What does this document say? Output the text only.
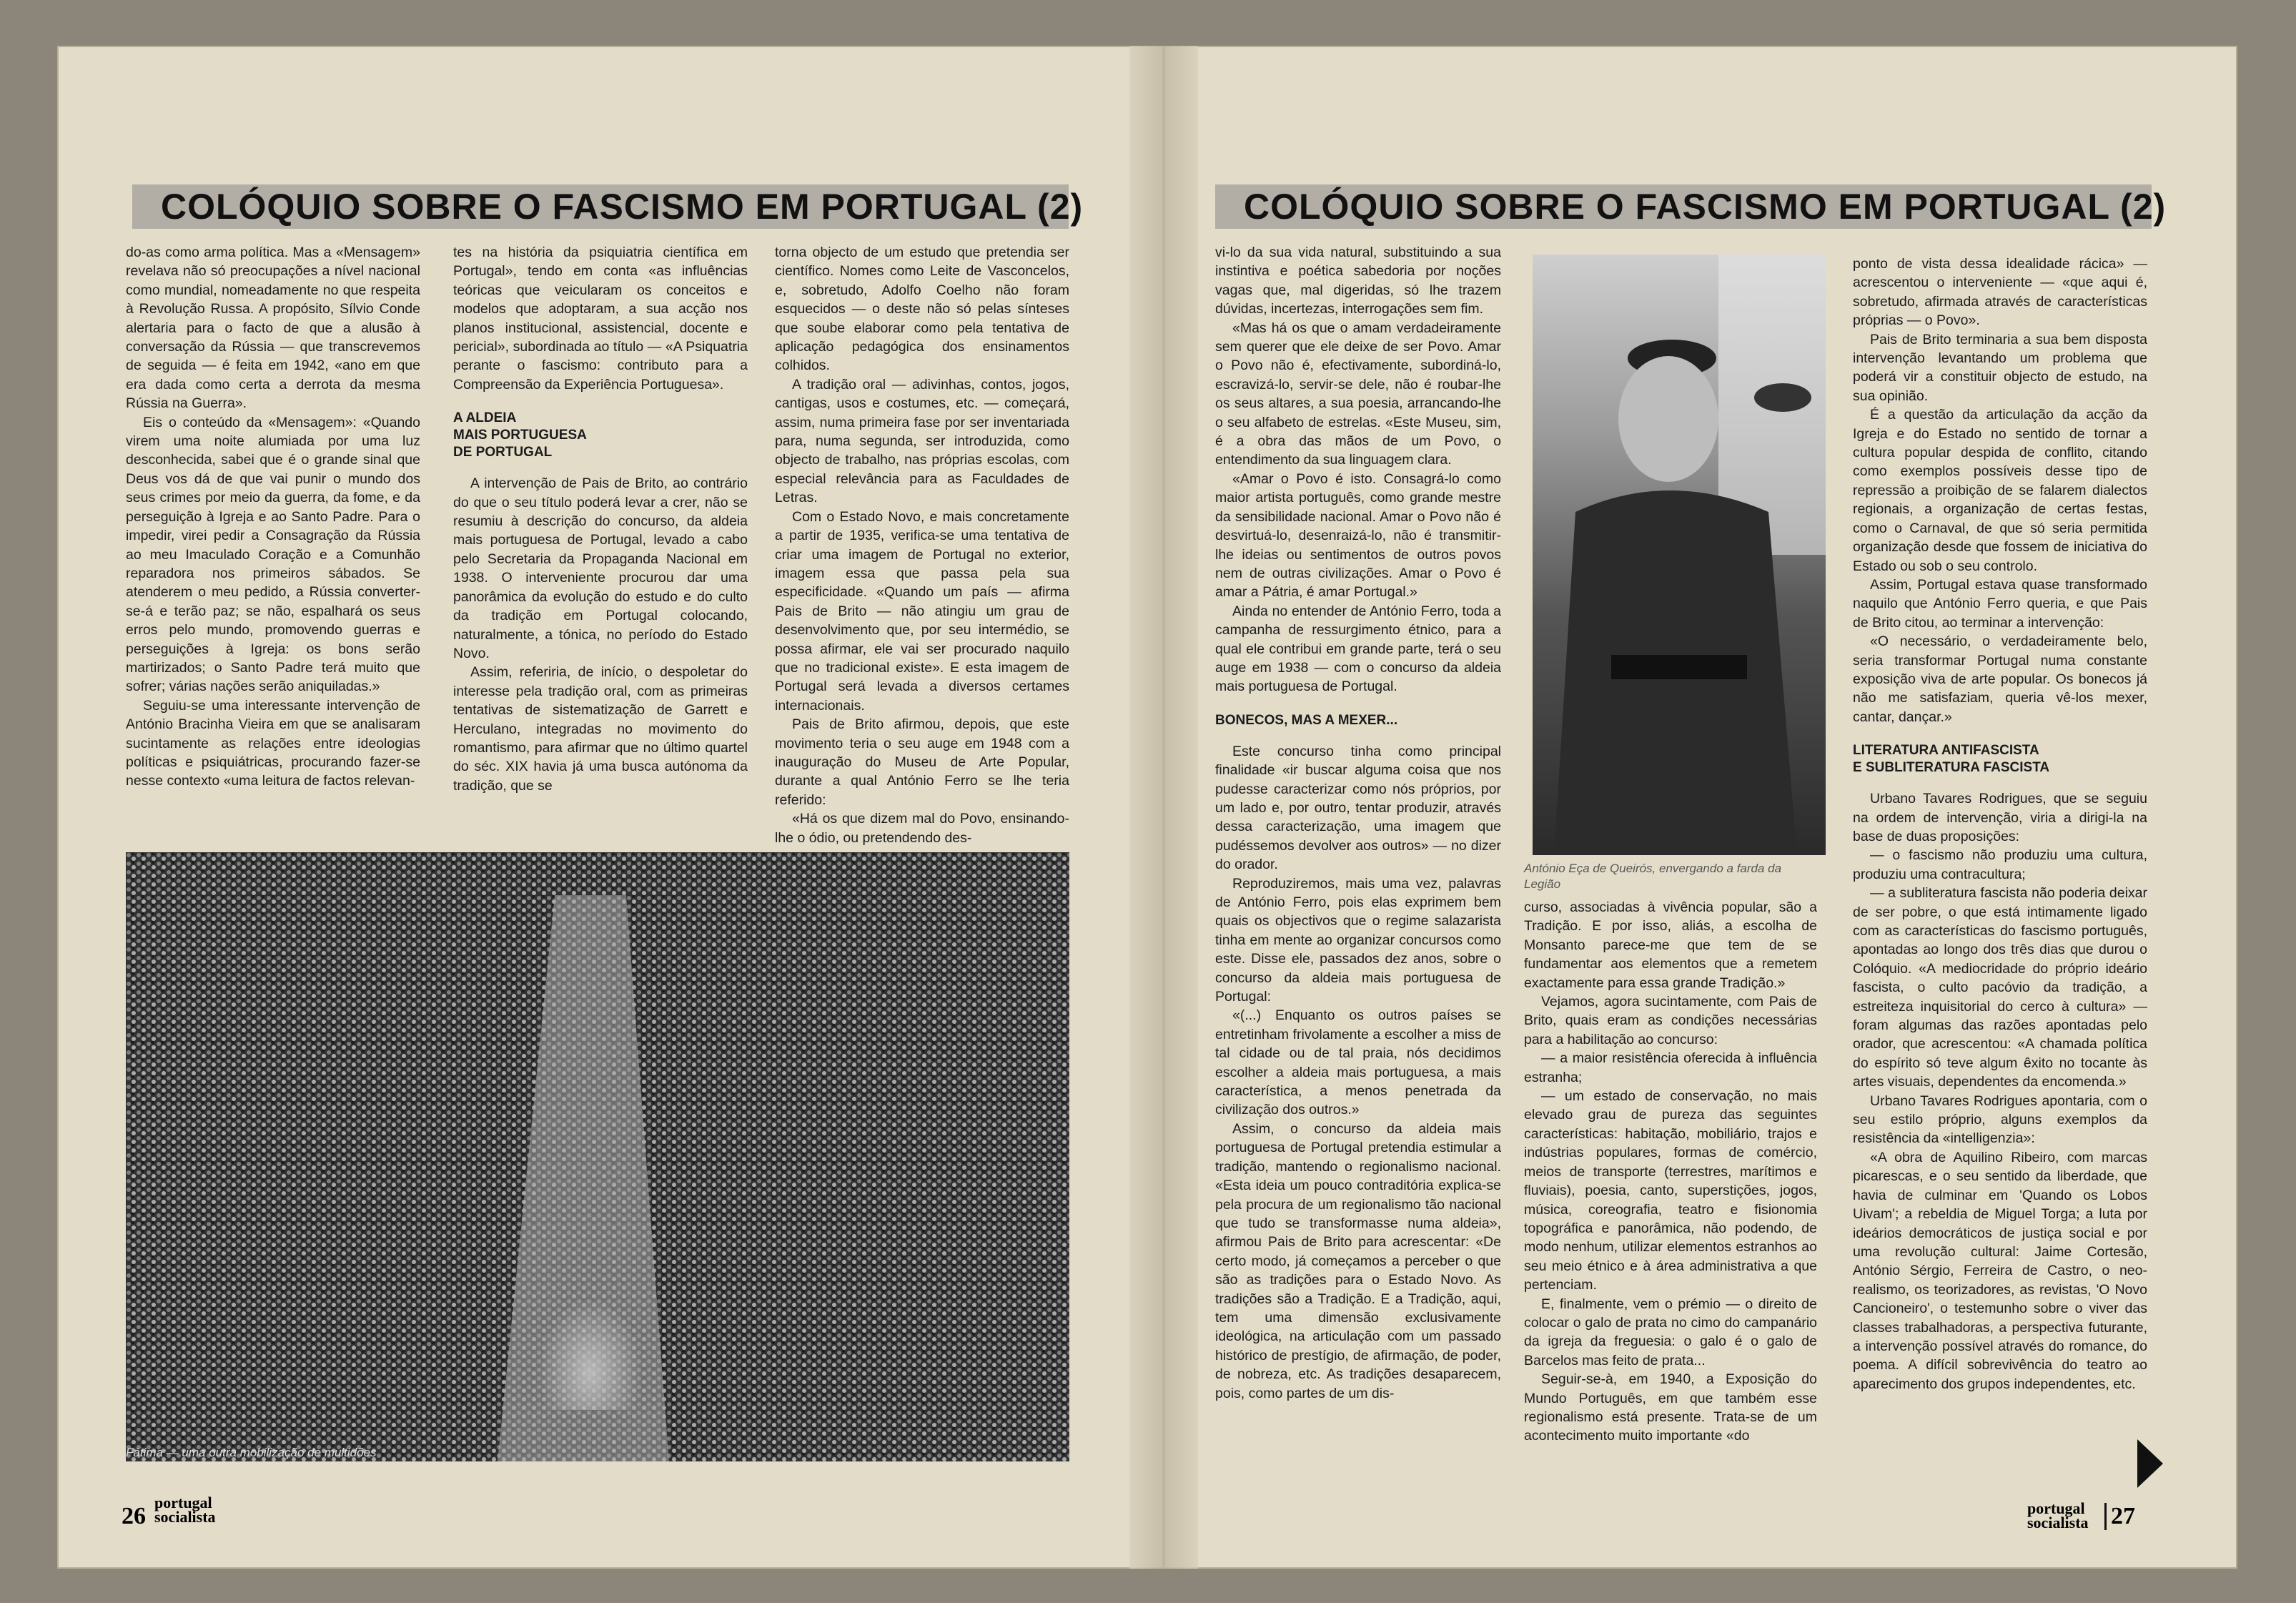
COLÓQUIO SOBRE O FASCISMO EM PORTUGAL (2)	COLÓQUIO SOBRE O FASCISMO EM PORTUGAL (2)

do-as como arma política. Mas a «Mensagem» revelava não só preocupações a nível nacional como mundial, nomeadamente no que respeita à Revolução Russa. A propósito, Sílvio Conde alertaria para o facto de que a alusão à conversação da Rússia — que transcrevemos de seguida — é feita em 1942, «ano em que era dada como certa a derrota da mesma Rússia na Guerra».

Eis o conteúdo da «Mensagem»: «Quando virem uma noite alumiada por uma luz desconhecida, sabei que é o grande sinal que Deus vos dá de que vai punir o mundo dos seus crimes por meio da guerra, da fome, e da perseguição à Igreja e ao Santo Padre. Para o impedir, virei pedir a Consagração da Rússia ao meu Imaculado Coração e a Comunhão reparadora nos primeiros sábados. Se atenderem o meu pedido, a Rússia converter-se-á e terão paz; se não, espalhará os seus erros pelo mundo, promovendo guerras e perseguições à Igreja: os bons serão martirizados; o Santo Padre terá muito que sofrer; várias nações serão aniquiladas.»

Seguiu-se uma interessante intervenção de António Bracinha Vieira em que se analisaram sucintamente as relações entre ideologias políticas e psiquiátricas, procurando fazer-se nesse contexto «uma leitura de factos relevan-

tes na história da psiquiatria científica em Portugal», tendo em conta «as influências teóricas que veicularam os conceitos e modelos que adoptaram, a sua acção nos planos institucional, assistencial, docente e pericial», subordinada ao título — «A Psiquatria perante o fascismo: contributo para a Compreensão da Experiência Portuguesa».

A ALDEIA
MAIS PORTUGUESA
DE PORTUGAL

A intervenção de Pais de Brito, ao contrário do que o seu título poderá levar a crer, não se resumiu à descrição do concurso, da aldeia mais portuguesa de Portugal, levado a cabo pelo Secretaria da Propaganda Nacional em 1938. O interveniente procurou dar uma panorâmica da evolução do estudo e do culto da tradição em Portugal colocando, naturalmente, a tónica, no período do Estado Novo.

Assim, referiria, de início, o despoletar do interesse pela tradição oral, com as primeiras tentativas de sistematização de Garrett e Herculano, integradas no movimento do romantismo, para afirmar que no último quartel do séc. XIX havia já uma busca autónoma da tradição, que se

torna objecto de um estudo que pretendia ser científico. Nomes como Leite de Vasconcelos, e, sobretudo, Adolfo Coelho não foram esquecidos — o deste não só pelas sínteses que soube elaborar como pela tentativa de aplicação pedagógica dos ensinamentos colhidos.

A tradição oral — adivinhas, contos, jogos, cantigas, usos e costumes, etc. — começará, assim, numa primeira fase por ser inventariada para, numa segunda, ser introduzida, como objecto de trabalho, nas próprias escolas, com especial relevância para as Faculdades de Letras.

Com o Estado Novo, e mais concretamente a partir de 1935, verifica-se uma tentativa de criar uma imagem de Portugal no exterior, imagem essa que passa pela sua especificidade. «Quando um país — afirma Pais de Brito — não atingiu um grau de desenvolvimento que, por seu intermédio, se possa afirmar, ele vai ser procurado naquilo que no tradicional existe». E esta imagem de Portugal será levada a diversos certames internacionais.

Pais de Brito afirmou, depois, que este movimento teria o seu auge em 1948 com a inauguração do Museu de Arte Popular, durante a qual António Ferro se lhe teria referido:

«Há os que dizem mal do Povo, ensinando-lhe o ódio, ou pretendendo des-

Fátima — uma outra mobilização de multidões
26
portugal
socialista

vi-lo da sua vida natural, substituindo a sua instintiva e poética sabedoria por noções vagas que, mal digeridas, só lhe trazem dúvidas, incertezas, interrogações sem fim.

«Mas há os que o amam verdadeiramente sem querer que ele deixe de ser Povo. Amar o Povo não é, efectivamente, subordiná-lo, escravizá-lo, servir-se dele, não é roubar-lhe os seus altares, a sua poesia, arrancando-lhe o seu alfabeto de estrelas. «Este Museu, sim, é a obra das mãos de um Povo, o entendimento da sua linguagem clara.

«Amar o Povo é isto. Consagrá-lo como maior artista português, como grande mestre da sensibilidade nacional. Amar o Povo não é desvirtuá-lo, desenraizá-lo, não é transmitir-lhe ideias ou sentimentos de outros povos nem de outras civilizações. Amar o Povo é amar a Pátria, é amar Portugal.»

Ainda no entender de António Ferro, toda a campanha de ressurgimento étnico, para a qual ele contribui em grande parte, terá o seu auge em 1938 — com o concurso da aldeia mais portuguesa de Portugal.

BONECOS, MAS A MEXER...

Este concurso tinha como principal finalidade «ir buscar alguma coisa que nos pudesse caracterizar como nós próprios, por um lado e, por outro, tentar produzir, através dessa caracterização, uma imagem que pudéssemos devolver aos outros» — no dizer do orador.

Reproduziremos, mais uma vez, palavras de António Ferro, pois elas exprimem bem quais os objectivos que o regime salazarista tinha em mente ao organizar concursos como este. Disse ele, passados dez anos, sobre o concurso da aldeia mais portuguesa de Portugal:

«(...) Enquanto os outros países se entretinham frivolamente a escolher a miss de tal cidade ou de tal praia, nós decidimos escolher a aldeia mais portuguesa, a mais característica, a menos penetrada da civilização dos outros.»

Assim, o concurso da aldeia mais portuguesa de Portugal pretendia estimular a tradição, mantendo o regionalismo nacional. «Esta ideia um pouco contraditória explica-se pela procura de um regionalismo tão nacional que tudo se transformasse numa aldeia», afirmou Pais de Brito para acrescentar: «De certo modo, já começamos a perceber o que são as tradições para o Estado Novo. As tradições são a Tradição. E a Tradição, aqui, tem uma dimensão exclusivamente ideológica, na articulação com um passado histórico de prestígio, de afirmação, de poder, de nobreza, etc. As tradições desaparecem, pois, como partes de um dis-

António Eça de Queirós, envergando a farda da Legião

curso, associadas à vivência popular, são a Tradição. E por isso, aliás, a escolha de Monsanto parece-me que tem de se fundamentar aos elementos que a remetem exactamente para essa grande Tradição.»

Vejamos, agora sucintamente, com Pais de Brito, quais eram as condições necessárias para a habilitação ao concurso:

— a maior resistência oferecida à influência estranha;

— um estado de conservação, no mais elevado grau de pureza das seguintes características: habitação, mobiliário, trajos e indústrias populares, formas de comércio, meios de transporte (terrestres, marítimos e fluviais), poesia, canto, superstições, jogos, música, coreografia, teatro e fisionomia topográfica e panorâmica, não podendo, de modo nenhum, utilizar elementos estranhos ao seu meio étnico e à área administrativa a que pertenciam.

E, finalmente, vem o prémio — o direito de colocar o galo de prata no cimo do campanário da igreja da freguesia: o galo é o galo de Barcelos mas feito de prata...

Seguir-se-à, em 1940, a Exposição do Mundo Português, em que também esse regionalismo está presente. Trata-se de um acontecimento muito importante «do

ponto de vista dessa idealidade rácica» — acrescentou o interveniente — «que aqui é, sobretudo, afirmada através de características próprias — o Povo».

Pais de Brito terminaria a sua bem disposta intervenção levantando um problema que poderá vir a constituir objecto de estudo, na sua opinião.

É a questão da articulação da acção da Igreja e do Estado no sentido de tornar a cultura popular despida de conflito, citando como exemplos possíveis desse tipo de repressão a proibição de se falarem dialectos regionais, a organização de certas festas, como o Carnaval, de que só seria permitida organização desde que fossem de iniciativa do Estado ou sob o seu controlo.

Assim, Portugal estava quase transformado naquilo que António Ferro queria, e que Pais de Brito citou, ao terminar a intervenção:

«O necessário, o verdadeiramente belo, seria transformar Portugal numa constante exposição viva de arte popular. Os bonecos já não me satisfaziam, queria vê-los mexer, cantar, dançar.»

LITERATURA ANTIFASCISTA
E SUBLITERATURA FASCISTA

Urbano Tavares Rodrigues, que se seguiu na ordem de intervenção, viria a dirigi-la na base de duas proposições:

— o fascismo não produziu uma cultura, produziu uma contracultura;

— a subliteratura fascista não poderia deixar de ser pobre, o que está intimamente ligado com as características do fascismo português, apontadas ao longo dos três dias que durou o Colóquio. «A mediocridade do próprio ideário fascista, o culto pacóvio da tradição, a estreiteza inquisitorial do cerco à cultura» — foram algumas das razões apontadas pelo orador, que acrescentou: «A chamada política do espírito só teve algum êxito no tocante às artes visuais, dependentes da encomenda.»

Urbano Tavares Rodrigues apontaria, com o seu estilo próprio, alguns exemplos da resistência da «intelligenzia»:

«A obra de Aquilino Ribeiro, com marcas picarescas, e o seu sentido da liberdade, que havia de culminar em 'Quando os Lobos Uivam'; a rebeldia de Miguel Torga; a luta por ideários democráticos de justiça social e por uma revolução cultural: Jaime Cortesão, António Sérgio, Ferreira de Castro, o neo-realismo, os teorizadores, as revistas, 'O Novo Cancioneiro', o testemunho sobre o viver das classes trabalhadoras, a perspectiva futurante, a intervenção possível através do romance, do poema. A difícil sobrevivência do teatro ao aparecimento dos grupos independentes, etc.

portugal
socialista 27
